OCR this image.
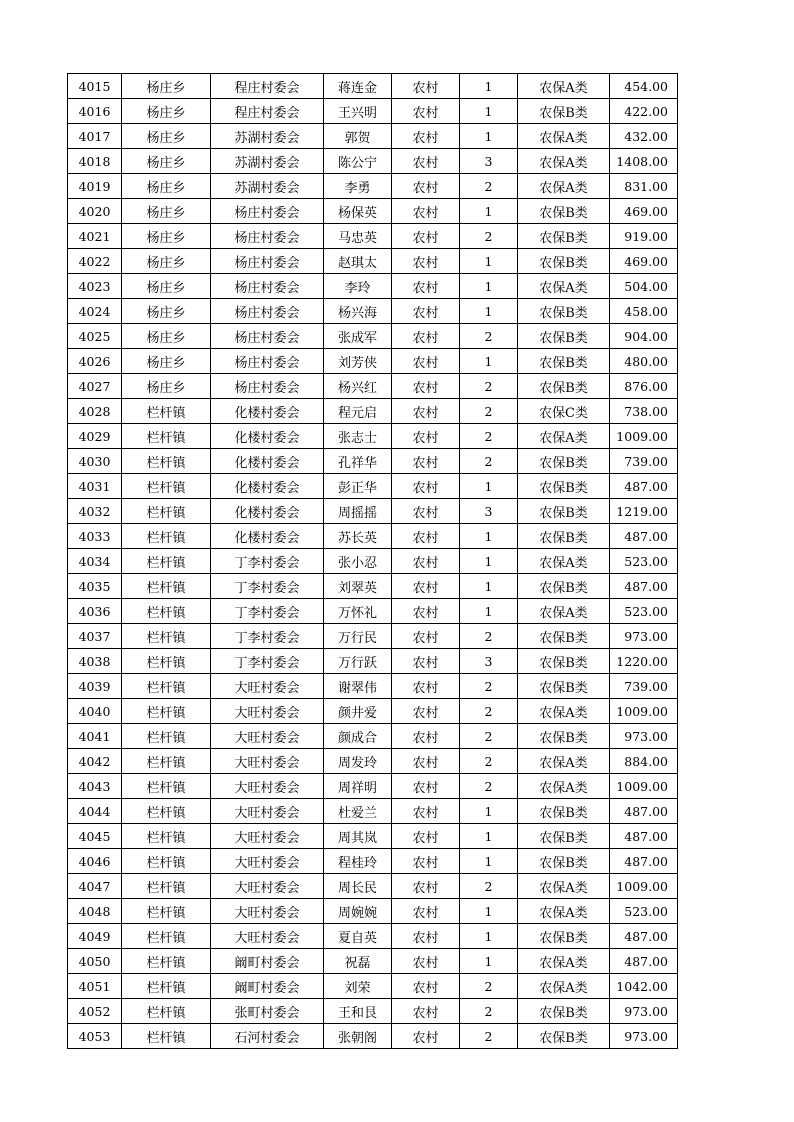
4015	杨庄乡	程庄村委会	蒋连金	农村	1	农保A类	454.00
4016	杨庄乡	程庄村委会	王兴明	农村	1	农保B类	422.00
4017	杨庄乡	苏湖村委会	郭贺	农村	1	农保A类	432.00
4018	杨庄乡	苏湖村委会	陈公宁	农村	3	农保A类	1408.00
4019	杨庄乡	苏湖村委会	李勇	农村	2	农保A类	831.00
4020	杨庄乡	杨庄村委会	杨保英	农村	1	农保B类	469.00
4021	杨庄乡	杨庄村委会	马忠英	农村	2	农保B类	919.00
4022	杨庄乡	杨庄村委会	赵琪太	农村	1	农保B类	469.00
4023	杨庄乡	杨庄村委会	李玲	农村	1	农保A类	504.00
4024	杨庄乡	杨庄村委会	杨兴海	农村	1	农保B类	458.00
4025	杨庄乡	杨庄村委会	张成军	农村	2	农保B类	904.00
4026	杨庄乡	杨庄村委会	刘芳侠	农村	1	农保B类	480.00
4027	杨庄乡	杨庄村委会	杨兴红	农村	2	农保B类	876.00
4028	栏杆镇	化楼村委会	程元启	农村	2	农保C类	738.00
4029	栏杆镇	化楼村委会	张志士	农村	2	农保A类	1009.00
4030	栏杆镇	化楼村委会	孔祥华	农村	2	农保B类	739.00
4031	栏杆镇	化楼村委会	彭正华	农村	1	农保B类	487.00
4032	栏杆镇	化楼村委会	周摇摇	农村	3	农保B类	1219.00
4033	栏杆镇	化楼村委会	苏长英	农村	1	农保B类	487.00
4034	栏杆镇	丁李村委会	张小忍	农村	1	农保A类	523.00
4035	栏杆镇	丁李村委会	刘翠英	农村	1	农保B类	487.00
4036	栏杆镇	丁李村委会	万怀礼	农村	1	农保A类	523.00
4037	栏杆镇	丁李村委会	万行民	农村	2	农保B类	973.00
4038	栏杆镇	丁李村委会	万行跃	农村	3	农保B类	1220.00
4039	栏杆镇	大旺村委会	谢翠伟	农村	2	农保B类	739.00
4040	栏杆镇	大旺村委会	颜井爱	农村	2	农保A类	1009.00
4041	栏杆镇	大旺村委会	颜成合	农村	2	农保B类	973.00
4042	栏杆镇	大旺村委会	周发玲	农村	2	农保A类	884.00
4043	栏杆镇	大旺村委会	周祥明	农村	2	农保A类	1009.00
4044	栏杆镇	大旺村委会	杜爱兰	农村	1	农保B类	487.00
4045	栏杆镇	大旺村委会	周其岚	农村	1	农保B类	487.00
4046	栏杆镇	大旺村委会	程桂玲	农村	1	农保B类	487.00
4047	栏杆镇	大旺村委会	周长民	农村	2	农保A类	1009.00
4048	栏杆镇	大旺村委会	周婉婉	农村	1	农保A类	523.00
4049	栏杆镇	大旺村委会	夏自英	农村	1	农保B类	487.00
4050	栏杆镇	阚町村委会	祝磊	农村	1	农保A类	487.00
4051	栏杆镇	阚町村委会	刘荣	农村	2	农保A类	1042.00
4052	栏杆镇	张町村委会	王和艮	农村	2	农保B类	973.00
4053	栏杆镇	石河村委会	张朝阁	农村	2	农保B类	973.00
